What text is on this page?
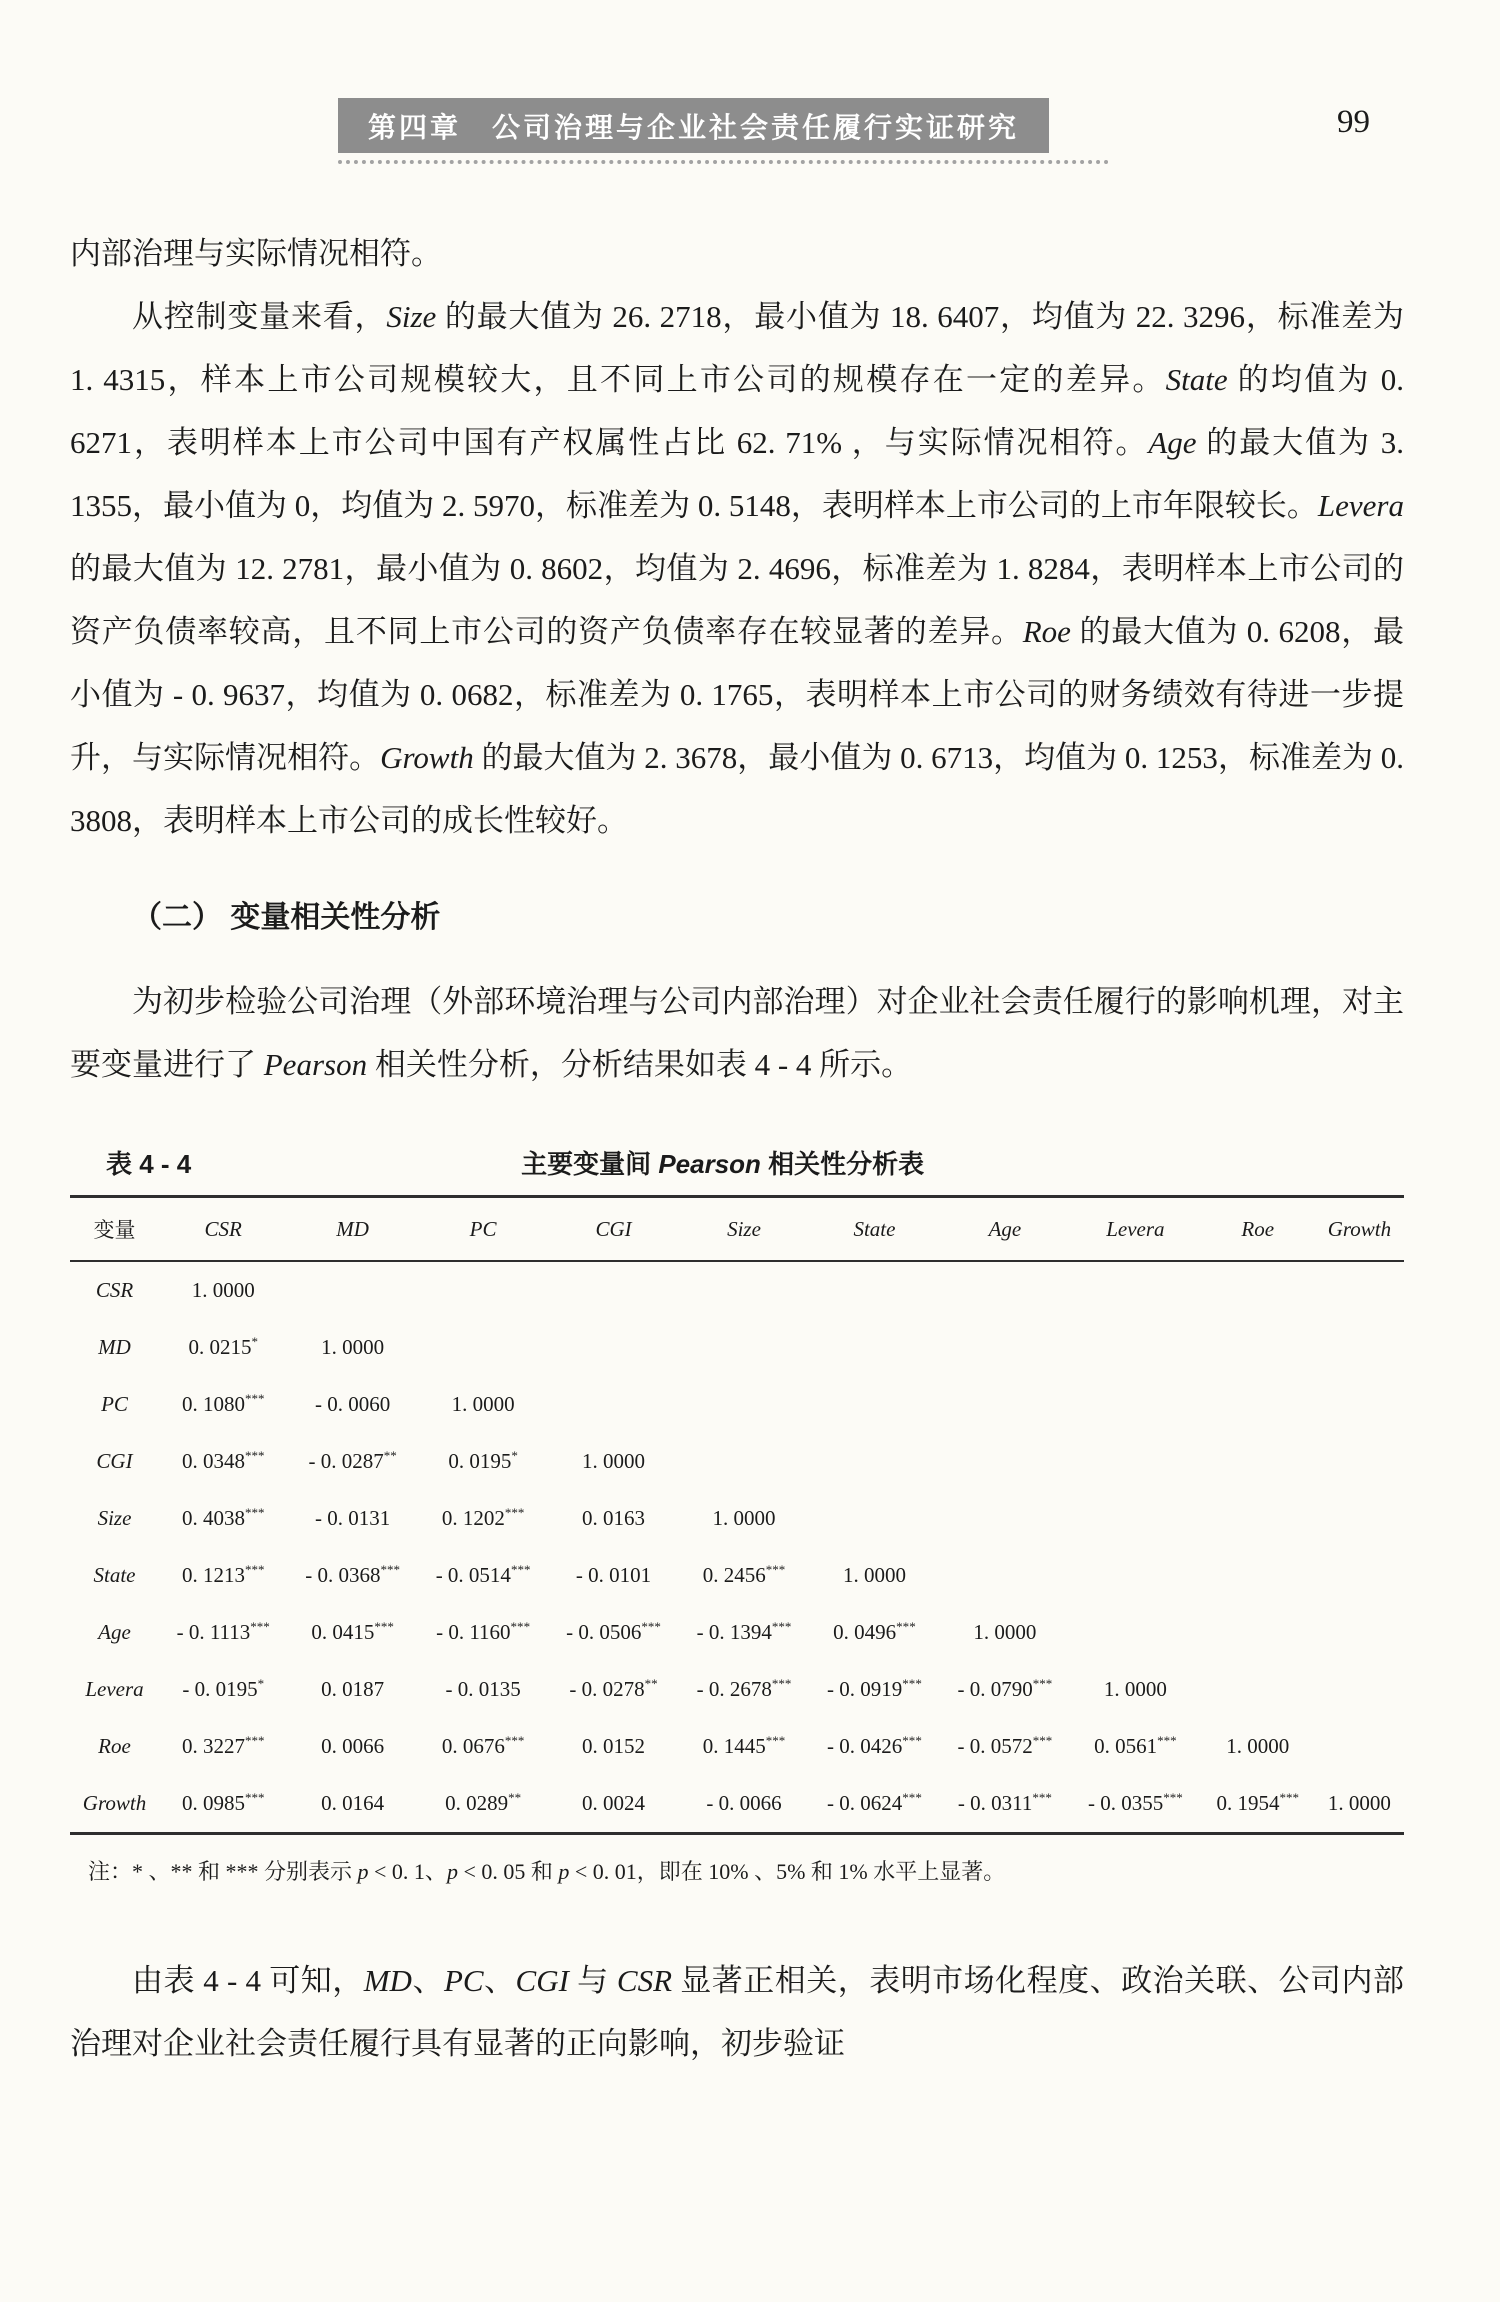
第四章　公司治理与企业社会责任履行实证研究	99

内部治理与实际情况相符。

从控制变量来看，Size 的最大值为 26. 2718，最小值为 18. 6407，均值为 22. 3296，标准差为 1. 4315，样本上市公司规模较大，且不同上市公司的规模存在一定的差异。State 的均值为 0. 6271，表明样本上市公司中国有产权属性占比 62. 71% ，与实际情况相符。Age 的最大值为 3. 1355，最小值为 0，均值为 2. 5970，标准差为 0. 5148，表明样本上市公司的上市年限较长。Levera 的最大值为 12. 2781，最小值为 0. 8602，均值为 2. 4696，标准差为 1. 8284，表明样本上市公司的资产负债率较高，且不同上市公司的资产负债率存在较显著的差异。Roe 的最大值为 0. 6208，最小值为 - 0. 9637，均值为 0. 0682，标准差为 0. 1765，表明样本上市公司的财务绩效有待进一步提升，与实际情况相符。Growth 的最大值为 2. 3678，最小值为 0. 6713，均值为 0. 1253，标准差为 0. 3808，表明样本上市公司的成长性较好。

（二） 变量相关性分析

为初步检验公司治理（外部环境治理与公司内部治理）对企业社会责任履行的影响机理，对主要变量进行了 Pearson 相关性分析，分析结果如表 4 - 4 所示。

表 4 - 4	主要变量间 Pearson 相关性分析表
变量	CSR	MD	PC	CGI	Size	State	Age	Levera	Roe	Growth
CSR	1. 0000									
MD	0. 0215*	1. 0000								
PC	0. 1080***	- 0. 0060	1. 0000							
CGI	0. 0348***	- 0. 0287**	0. 0195*	1. 0000						
Size	0. 4038***	- 0. 0131	0. 1202***	0. 0163	1. 0000					
State	0. 1213***	- 0. 0368***	- 0. 0514***	- 0. 0101	0. 2456***	1. 0000				
Age	- 0. 1113***	0. 0415***	- 0. 1160***	- 0. 0506***	- 0. 1394***	0. 0496***	1. 0000			
Levera	- 0. 0195*	0. 0187	- 0. 0135	- 0. 0278**	- 0. 2678***	- 0. 0919***	- 0. 0790***	1. 0000		
Roe	0. 3227***	0. 0066	0. 0676***	0. 0152	0. 1445***	- 0. 0426***	- 0. 0572***	0. 0561***	1. 0000	
Growth	0. 0985***	0. 0164	0. 0289**	0. 0024	- 0. 0066	- 0. 0624***	- 0. 0311***	- 0. 0355***	0. 1954***	1. 0000
注：* 、** 和 *** 分别表示 p < 0. 1、p < 0. 05 和 p < 0. 01，即在 10% 、5% 和 1% 水平上显著。

由表 4 - 4 可知，MD、PC、CGI 与 CSR 显著正相关，表明市场化程度、政治关联、公司内部治理对企业社会责任履行具有显著的正向影响，初步验证
